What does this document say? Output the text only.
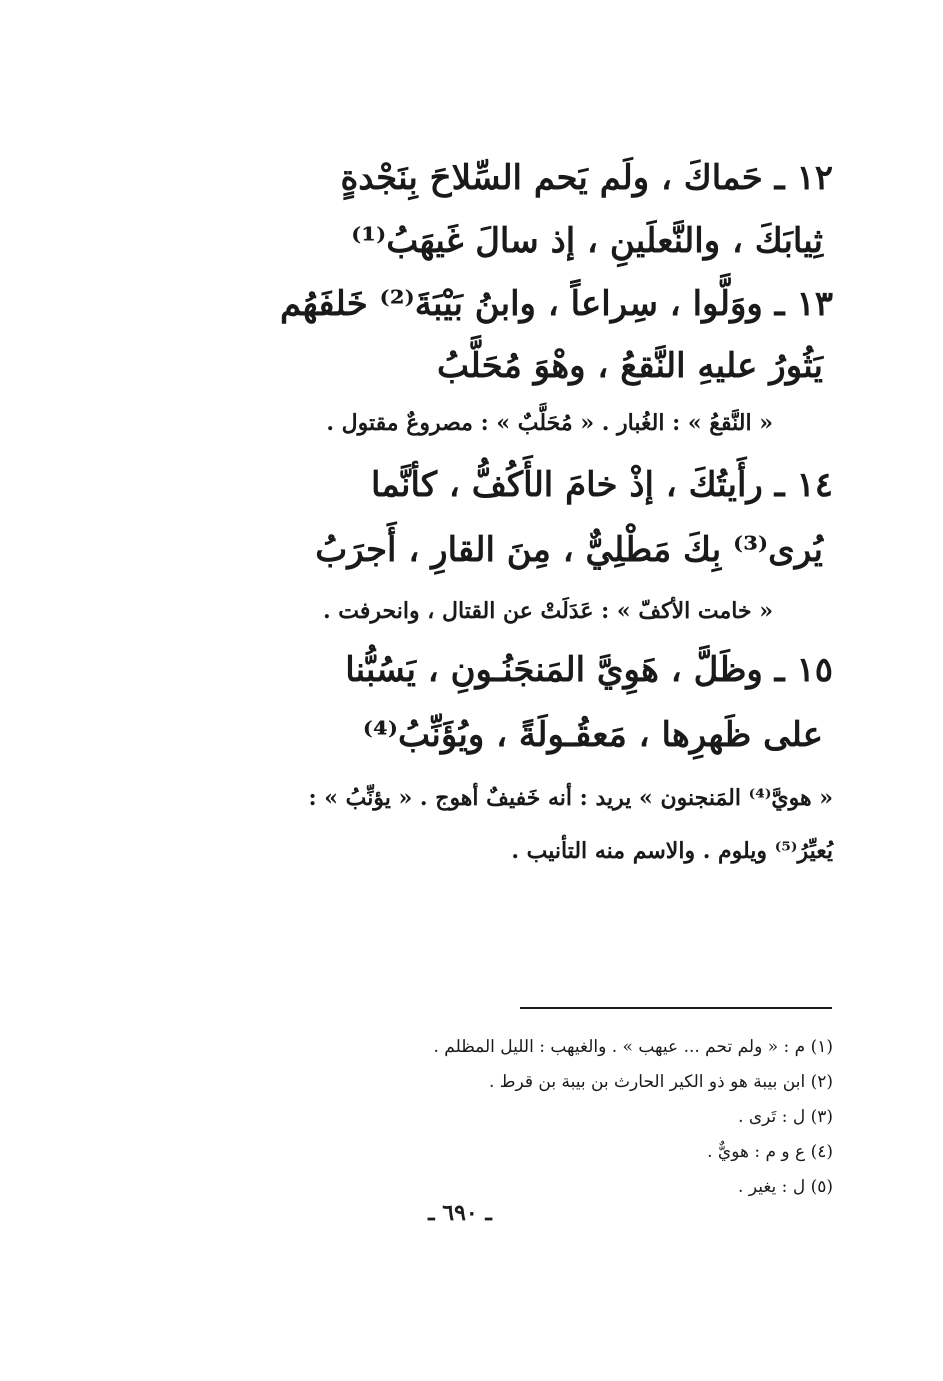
١٢ ـ حَماكَ ، ولَم يَحم السِّلاحَ بِنَجْدةٍ
ثِيابَكَ ، والنَّعلَينِ ، إذ سالَ غَيهَبُ⁽¹⁾
١٣ ـ ووَلَّوا ، سِراعاً ، وابنُ بَيْبَةَ⁽²⁾ خَلفَهُم
يَثُورُ عليهِ النَّقعُ ، وهْوَ مُحَلَّبُ
« النَّقعُ » : الغُبار . « مُحَلَّبٌ » : مصروعٌ مقتول .
١٤ ـ رأَيتُكَ ، إذْ خامَ الأَكُفُّ ، كأنَّما
يُرى⁽³⁾ بِكَ مَطْلِيٌّ ، مِنَ القارِ ، أَجرَبُ
« خامت الأكفّ » : عَدَلَتْ عن القتال ، وانحرفت .
١٥ ـ وظَلَّ ، هَوِيَّ المَنجَنُـونِ ، يَسُبُّنا
على ظَهرِها ، مَعقُـولَةً ، ويُؤَنِّبُ⁽⁴⁾
« هويَّ⁽⁴⁾ المَنجنون » يريد : أنه خَفيفٌ أهوج . « يؤنِّبُ » :
يُعيِّرُ⁽⁵⁾ ويلوم . والاسم منه التأنيب .
(١) م : « ولم تحم ... عيهب » . والغيهب : الليل المظلم .
(٢) ابن بيبة هو ذو الكير الحارث بن بيبة بن قرط .
(٣) ل : تَرى .
(٤) ع و م : هويٌّ .
(٥) ل : يغير .
ـ ٦٩٠ ـ
